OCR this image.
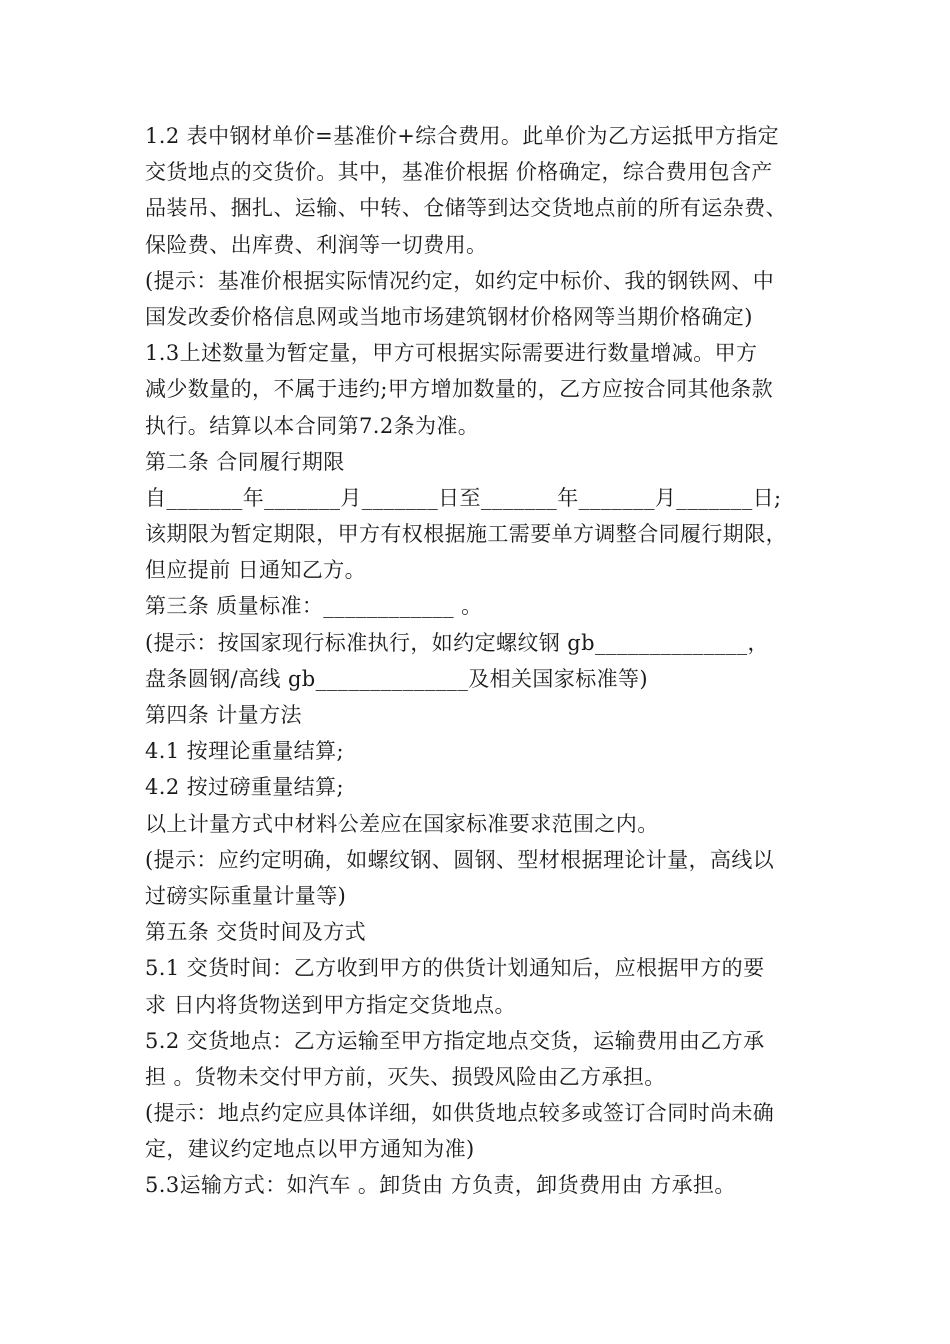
1.2 表中钢材单价=基准价+综合费用。此单价为乙方运抵甲方指定
交货地点的交货价。其中，基准价根据 价格确定，综合费用包含产
品装吊、捆扎、运输、中转、仓储等到达交货地点前的所有运杂费、
保险费、出库费、利润等一切费用。
(提示：基准价根据实际情况约定，如约定中标价、我的钢铁网、中
国发改委价格信息网或当地市场建筑钢材价格网等当期价格确定)
1.3上述数量为暂定量，甲方可根据实际需要进行数量增减。甲方
减少数量的，不属于违约;甲方增加数量的，乙方应按合同其他条款
执行。结算以本合同第7.2条为准。
第二条 合同履行期限
自_______年_______月_______日至_______年_______月_______日;
该期限为暂定期限，甲方有权根据施工需要单方调整合同履行期限，
但应提前 日通知乙方。
第三条 质量标准：____________ 。
(提示：按国家现行标准执行，如约定螺纹钢 gb______________，
盘条圆钢/高线 gb______________及相关国家标准等)
第四条 计量方法
4.1 按理论重量结算;
4.2 按过磅重量结算;
以上计量方式中材料公差应在国家标准要求范围之内。
(提示：应约定明确，如螺纹钢、圆钢、型材根据理论计量，高线以
过磅实际重量计量等)
第五条 交货时间及方式
5.1 交货时间：乙方收到甲方的供货计划通知后，应根据甲方的要
求 日内将货物送到甲方指定交货地点。
5.2 交货地点：乙方运输至甲方指定地点交货，运输费用由乙方承
担 。货物未交付甲方前，灭失、损毁风险由乙方承担。
(提示：地点约定应具体详细，如供货地点较多或签订合同时尚未确
定，建议约定地点以甲方通知为准)
5.3运输方式：如汽车 。卸货由 方负责，卸货费用由 方承担。
